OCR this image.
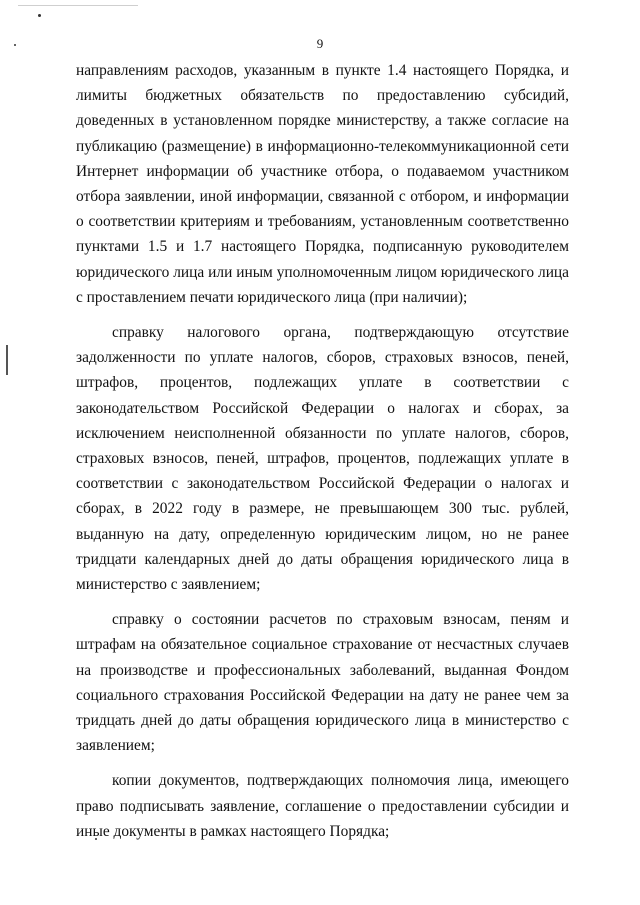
9

направлениям расходов, указанным в пункте 1.4 настоящего Порядка, и лимиты бюджетных обязательств по предоставлению субсидий, доведенных в установленном порядке министерству, а также согласие на публикацию (размещение) в информационно-телекоммуникационной сети Интернет информации об участнике отбора, о подаваемом участником отбора заявлении, иной информации, связанной с отбором, и информации о соответствии критериям и требованиям, установленным соответственно пунктами 1.5 и 1.7 настоящего Порядка, подписанную руководителем юридического лица или иным уполномоченным лицом юридического лица с проставлением печати юридического лица (при наличии);

справку налогового органа, подтверждающую отсутствие задолженности по уплате налогов, сборов, страховых взносов, пеней, штрафов, процентов, подлежащих уплате в соответствии с законодательством Российской Федерации о налогах и сборах, за исключением неисполненной обязанности по уплате налогов, сборов, страховых взносов, пеней, штрафов, процентов, подлежащих уплате в соответствии с законодательством Российской Федерации о налогах и сборах, в 2022 году в размере, не превышающем 300 тыс. рублей, выданную на дату, определенную юридическим лицом, но не ранее тридцати календарных дней до даты обращения юридического лица в министерство с заявлением;

справку о состоянии расчетов по страховым взносам, пеням и штрафам на обязательное социальное страхование от несчастных случаев на производстве и профессиональных заболеваний, выданная Фондом социального страхования Российской Федерации на дату не ранее чем за тридцать дней до даты обращения юридического лица в министерство с заявлением;

копии документов, подтверждающих полномочия лица, имеющего право подписывать заявление, соглашение о предоставлении субсидии и иные документы в рамках настоящего Порядка;
